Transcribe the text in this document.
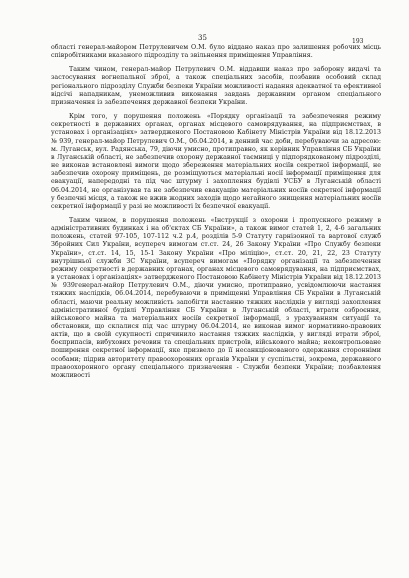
35	193

області генерал-майором Петрулевичем О.М. було віддано наказ про залишення робочих місць співробітниками вказаного підрозділу та звільнення приміщення Управління.

Таким чином, генерал-майор Петрулевич О.М. віддавши наказ про заборону видачі та застосування вогнепальної зброї, а також спеціальних засобів, позбавив особовий склад регіонального підрозділу Служби безпеки України можливості надання адекватної та ефективної відсічі нападникам, унеможливив виконання завдань державним органом спеціального призначення із забезпечення державної безпеки України.

Крім того, у порушення положень «Порядку організації та забезпечення режиму секретності в державних органах, органах місцевого самоврядування, на підприємствах, в установах і організаціях» затвердженого Постановою Кабінету Міністрів України від 18.12.2013 № 939, генерал-майор Петрулевич О.М., 06.04.2014, в денний час доби, перебуваючи за адресою: м. Луганськ, вул. Радянська, 79, діючи умисно, протиправно, як керівник Управління СБ України в Луганській області, не забезпечив охорону державної таємниці у підпорядкованому підрозділі, не виконав встановлені вимоги щодо збереження матеріальних носіїв секретної інформації, не забезпечив охорону приміщень, де розміщуються матеріальні носії інформації приміщення для евакуації, напередодні та під час штурму і захоплення будівлі УСБУ в Луганській області 06.04.2014, не організував та не забезпечив евакуацію матеріальних носіїв секретної інформації у безпечні місця, а також не вжив жодних заходів щодо негайного знищення матеріальних носіїв секретної інформації у разі не можливості їх безпечної евакуації.

Таким чином, в порушення положень «Інструкції з охорони і пропускного режиму в адміністративних будинках і на об'єктах СБ України», а також вимог статей 1, 2, 4-6 загальних положень, статей 97-105, 107-112 ч.2 р.4, розділів 5-9 Статуту гарнізонної та вартової служб Збройних Сил України, всупереч вимогам ст.ст. 24, 26 Закону України «Про Службу безпеки України», ст.ст. 14, 15, 15-1 Закону України «Про міліцію», ст.ст. 20, 21, 22, 23 Статуту внутрішньої служби ЗС України, всупереч вимогам «Порядку організації та забезпечення режиму секретності в державних органах, органах місцевого самоврядування, на підприємствах, в установах і організаціях» затвердженого Постановою Кабінету Міністрів України від 18.12.2013 № 939генерал-майор Петрулевич О.М., діючи умисно, протиправно, усвідомлюючи настання тяжких наслідків, 06.04.2014, перебуваючи в приміщенні Управління СБ України в Луганській області, маючи реальну можливість запобігти настанню тяжких наслідків у вигляді захоплення адміністративної будівлі Управління СБ України в Луганській області, втрати озброєння, військового майна та матеріальних носіїв секретної інформації, з урахуванням ситуації та обстановки, що склалися під час штурму 06.04.2014, не виконав вимог нормативно-правових актів, що в своїй сукупності спричинило настання тяжких наслідків, у вигляді втрати зброї, боєприпасів, вибухових речовин та спеціальних пристроїв, військового майна; неконтрольоване поширення секретної інформації, яке призвело до її несанкціонованого одержання сторонніми особами; підрив авторитету правоохоронних органів України у суспільстві, зокрема, державного правоохоронного органу спеціального призначення - Служби безпеки України; позбавлення можливості
